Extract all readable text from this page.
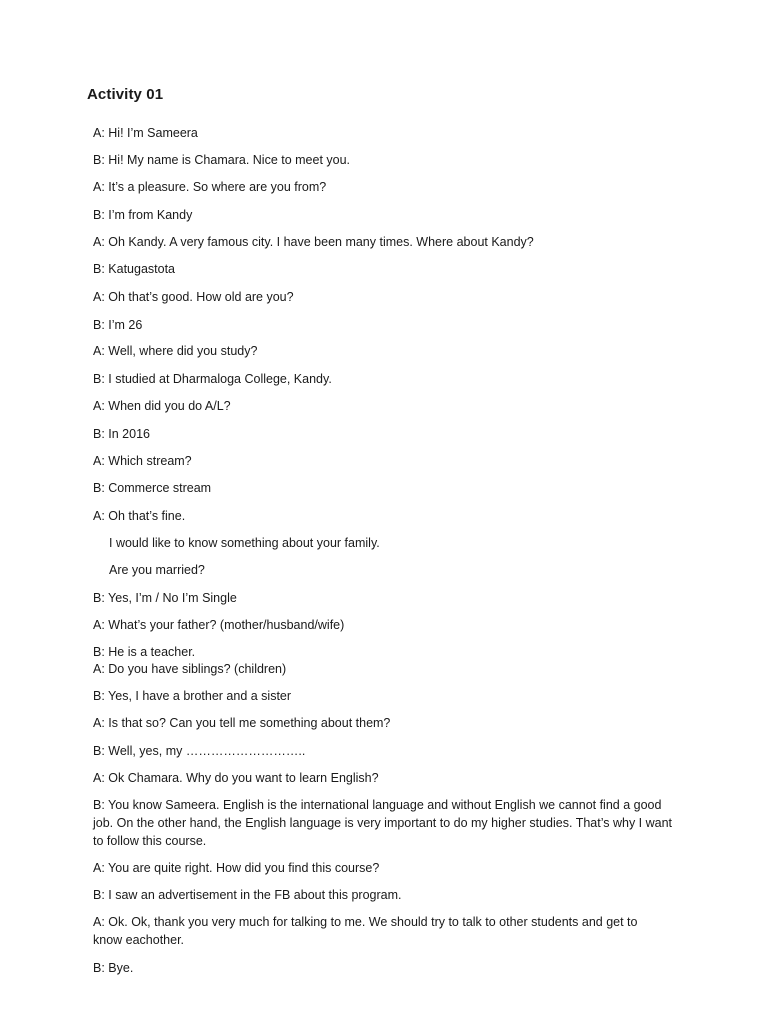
Activity 01
A: Hi! I’m Sameera
B: Hi! My name is Chamara. Nice to meet you.
A: It’s a pleasure. So where are you from?
B: I’m from Kandy
A: Oh Kandy. A very famous city. I have been many times. Where about Kandy?
B: Katugastota
A: Oh that’s good. How old are you?
B: I’m 26
A: Well, where did you study?
B: I studied at Dharmaloga College, Kandy.
A: When did you do A/L?
B: In 2016
A: Which stream?
B: Commerce stream
A: Oh that’s fine.
I would like to know something about your family.
Are you married?
B: Yes, I’m / No I’m Single
A: What’s your father? (mother/husband/wife)
B: He is a teacher.
A: Do you have siblings? (children)
B: Yes, I have a brother and a sister
A: Is that so? Can you tell me something about them?
B: Well, yes, my ………………………..
A: Ok Chamara. Why do you want to learn English?
B: You know Sameera. English is the international language and without English we cannot find a good job. On the other hand, the English language is very important to do my higher studies. That’s why I want to follow this course.
A: You are quite right. How did you find this course?
B: I saw an advertisement in the FB about this program.
A: Ok. Ok, thank you very much for talking to me. We should try to talk to other students and get to know eachother.
B: Bye.
